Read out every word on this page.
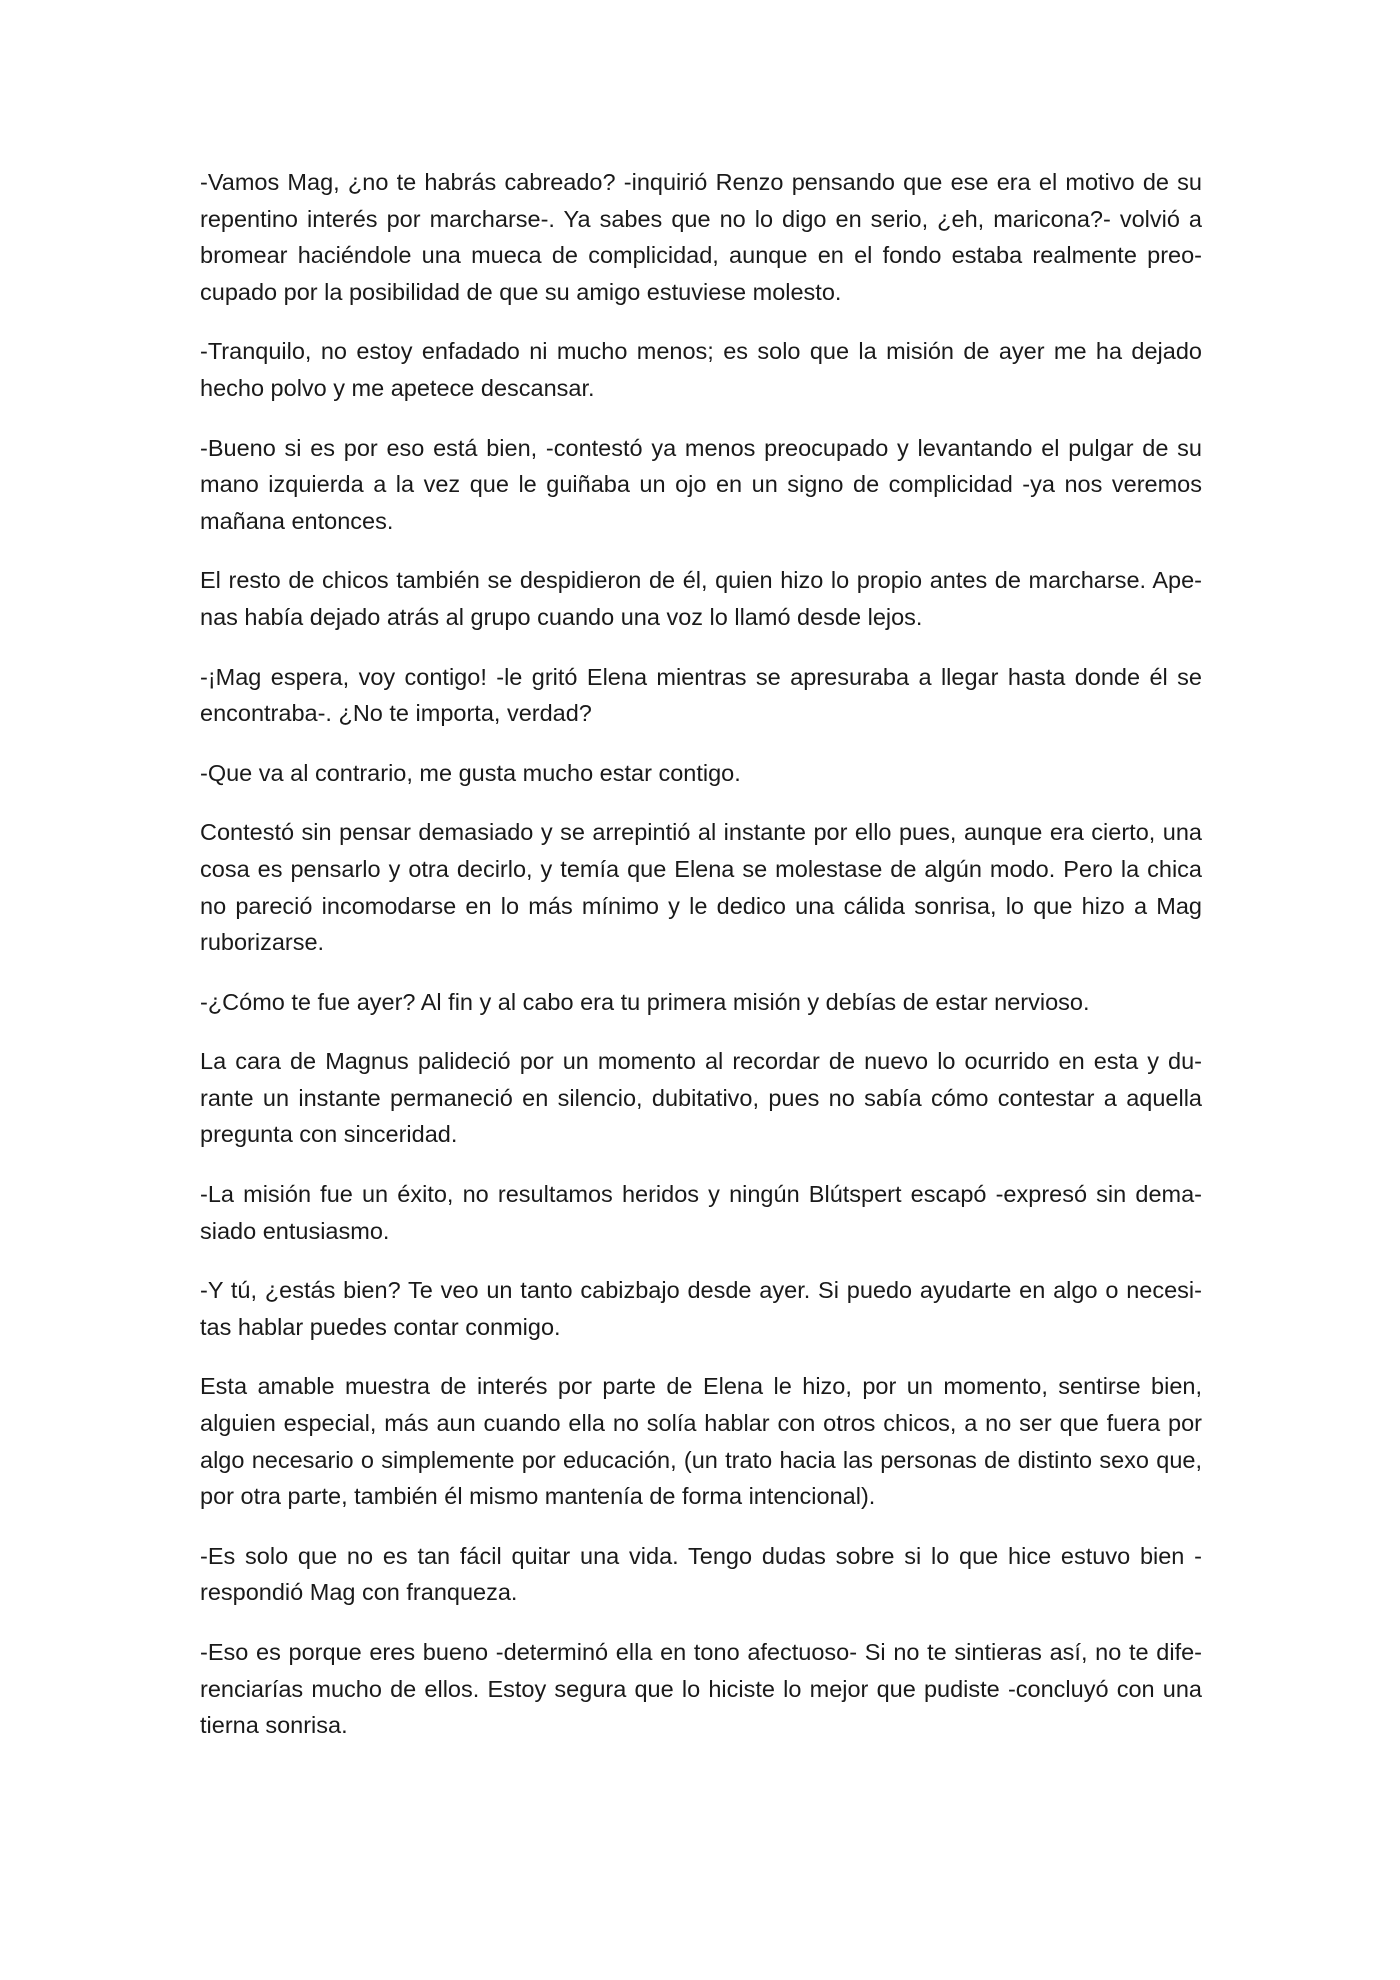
-Vamos Mag, ¿no te habrás cabreado? -inquirió Renzo pensando que ese era el motivo de su repentino interés por marcharse-. Ya sabes que no lo digo en serio, ¿eh, maricona?- volvió a bromear haciéndole una mueca de complicidad, aunque en el fondo estaba realmente preocupado por la posibilidad de que su amigo estuviese molesto.

-Tranquilo, no estoy enfadado ni mucho menos; es solo que la misión de ayer me ha dejado hecho polvo y me apetece descansar.

-Bueno si es por eso está bien, -contestó ya menos preocupado y levantando el pulgar de su mano izquierda a la vez que le guiñaba un ojo en un signo de complicidad -ya nos veremos mañana entonces.

El resto de chicos también se despidieron de él, quien hizo lo propio antes de marcharse. Apenas había dejado atrás al grupo cuando una voz lo llamó desde lejos.

-¡Mag espera, voy contigo! -le gritó Elena mientras se apresuraba a llegar hasta donde él se encontraba-. ¿No te importa, verdad?

-Que va al contrario, me gusta mucho estar contigo.

Contestó sin pensar demasiado y se arrepintió al instante por ello pues, aunque era cierto, una cosa es pensarlo y otra decirlo, y temía que Elena se molestase de algún modo. Pero la chica no pareció incomodarse en lo más mínimo y le dedico una cálida sonrisa, lo que hizo a Mag ruborizarse.

-¿Cómo te fue ayer? Al fin y al cabo era tu primera misión y debías de estar nervioso.

La cara de Magnus palideció por un momento al recordar de nuevo lo ocurrido en esta y durante un instante permaneció en silencio, dubitativo, pues no sabía cómo contestar a aquella pregunta con sinceridad.

-La misión fue un éxito, no resultamos heridos y ningún Blútspert escapó -expresó sin demasiado entusiasmo.

-Y tú, ¿estás bien? Te veo un tanto cabizbajo desde ayer. Si puedo ayudarte en algo o necesitas hablar puedes contar conmigo.

Esta amable muestra de interés por parte de Elena le hizo, por un momento, sentirse bien, alguien especial, más aun cuando ella no solía hablar con otros chicos, a no ser que fuera por algo necesario o simplemente por educación, (un trato hacia las personas de distinto sexo que, por otra parte, también él mismo mantenía de forma intencional).

-Es solo que no es tan fácil quitar una vida. Tengo dudas sobre si lo que hice estuvo bien -respondió Mag con franqueza.

-Eso es porque eres bueno -determinó ella en tono afectuoso- Si no te sintieras así, no te diferenciarías mucho de ellos. Estoy segura que lo hiciste lo mejor que pudiste -concluyó con una tierna sonrisa.
